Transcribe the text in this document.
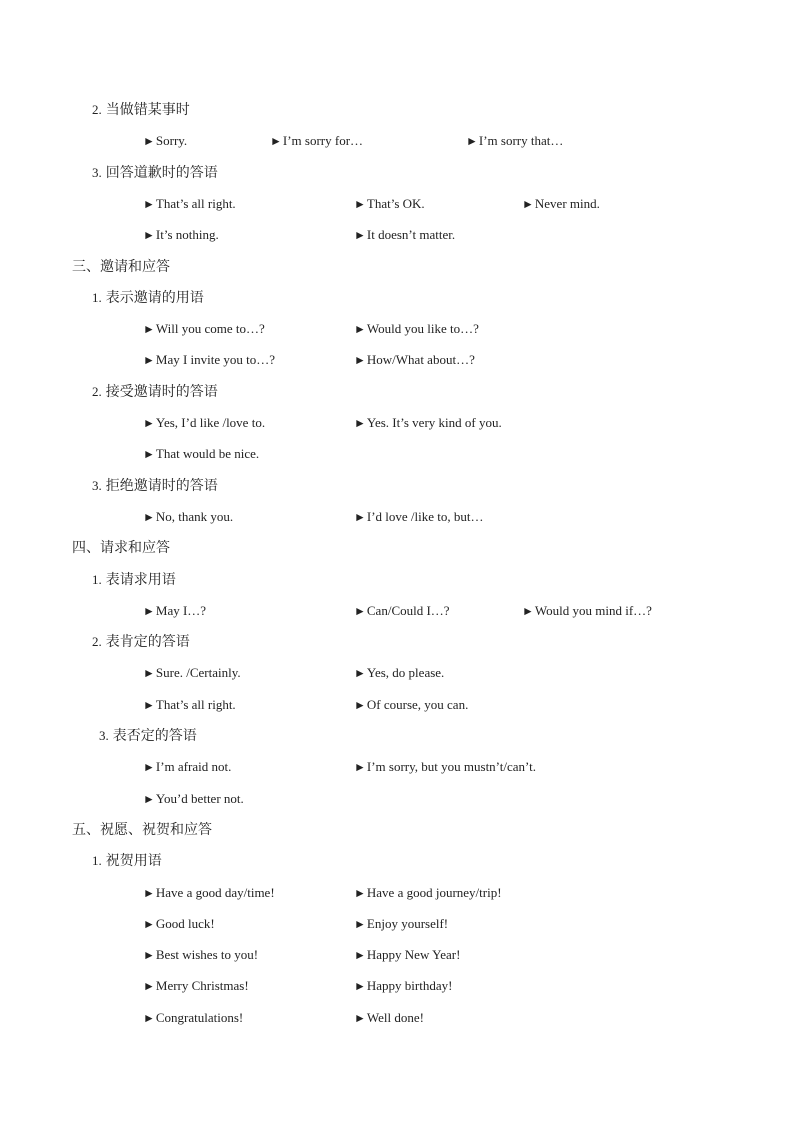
2. 当做错某事时
►Sorry.	►I’m sorry for…	►I’m sorry that…
3. 回答道歉时的答语
►That’s all right.	►That’s OK.	►Never mind.
►It’s nothing.	►It doesn’t matter.
三、邀请和应答
1. 表示邀请的用语
►Will you come to…?	►Would you like to…?
►May I invite you to…?	►How/What about…?
2. 接受邀请时的答语
►Yes, I’d like /love to.	►Yes. It’s very kind of you.
►That would be nice.
3. 拒绝邀请时的答语
►No, thank you.	►I’d love /like to, but…
四、请求和应答
1. 表请求用语
►May I…?	►Can/Could I…?	►Would you mind if…?
2. 表肯定的答语
►Sure. /Certainly.	►Yes, do please.
►That’s all right.	►Of course, you can.
3. 表否定的答语
►I’m afraid not.	►I’m sorry, but you mustn’t/can’t.
►You’d better not.
五、祝愿、祝贺和应答
1. 祝贺用语
►Have a good day/time!	►Have a good journey/trip!
►Good luck!	►Enjoy yourself!
►Best wishes to you!	►Happy New Year!
►Merry Christmas!	►Happy birthday!
►Congratulations!	►Well done!
